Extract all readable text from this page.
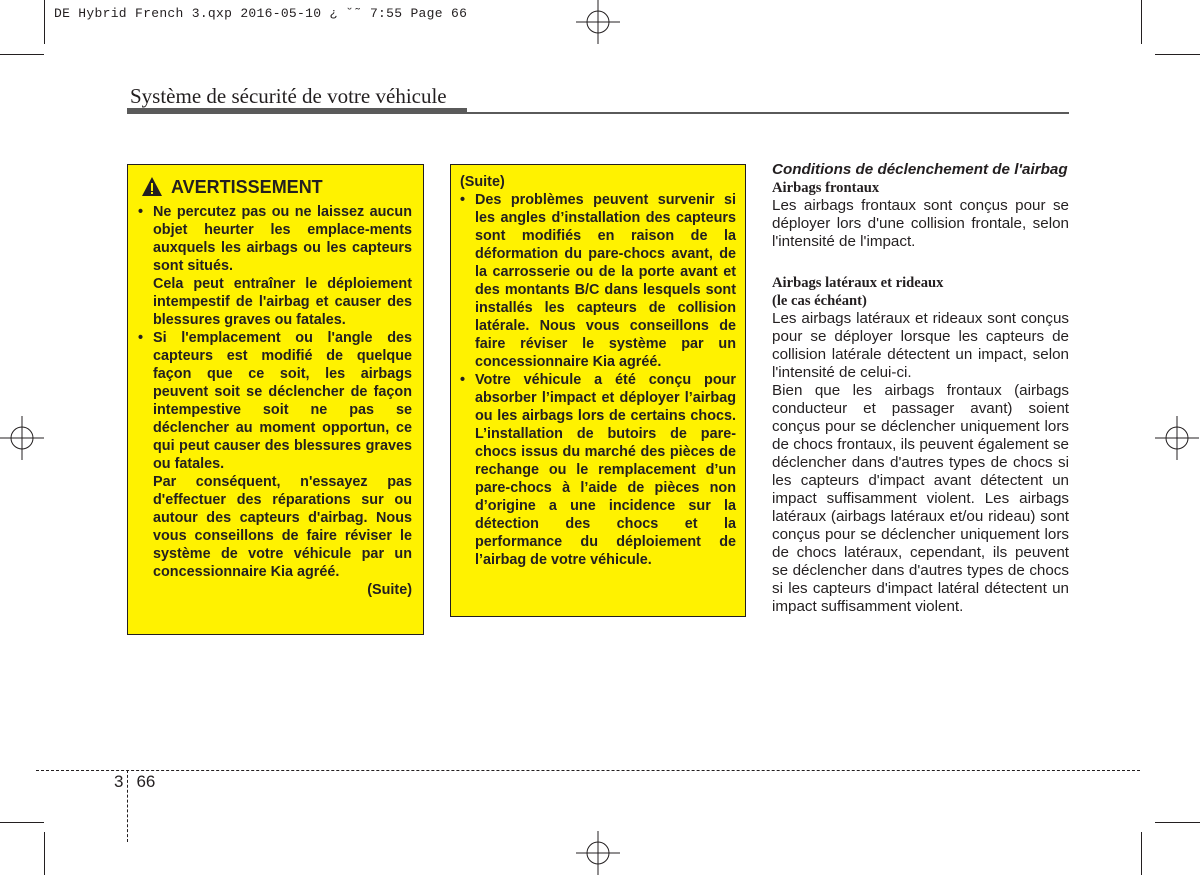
DE Hybrid French 3.qxp 2016-05-10 ¿ ˘˜ 7:55 Page 66
Système de sécurité de votre véhicule
AVERTISSEMENT
• Ne percutez pas ou ne laissez aucun objet heurter les emplace-ments auxquels les airbags ou les capteurs sont situés.
Cela peut entraîner le déploiement intempestif de l'airbag et causer des blessures graves ou fatales.
• Si l'emplacement ou l'angle des capteurs est modifié de quelque façon que ce soit, les airbags peuvent soit se déclencher de façon intempestive soit ne pas se déclencher au moment opportun, ce qui peut causer des blessures graves ou fatales.
Par conséquent, n'essayez pas d'effectuer des réparations sur ou autour des capteurs d'airbag. Nous vous conseillons de faire réviser le système de votre véhicule par un concessionnaire Kia agréé.
(Suite)
(Suite)
• Des problèmes peuvent survenir si les angles d’installation des capteurs sont modifiés en raison de la déformation du pare-chocs avant, de la carrosserie ou de la porte avant et des montants B/C dans lesquels sont installés les capteurs de collision latérale. Nous vous conseillons de faire réviser le système par un concessionnaire Kia agréé.
• Votre véhicule a été conçu pour absorber l’impact et déployer l’airbag ou les airbags lors de certains chocs. L’installation de butoirs de pare-chocs issus du marché des pièces de rechange ou le remplacement d’un pare-chocs à l’aide de pièces non d’origine a une incidence sur la détection des chocs et la performance du déploiement de l’airbag de votre véhicule.

Conditions de déclenchement de l'airbag

Airbags frontaux

Les airbags frontaux sont conçus pour se déployer lors d'une collision frontale, selon l'intensité de l'impact.

Airbags latéraux et rideaux

(le cas échéant)

Les airbags latéraux et rideaux sont conçus pour se déployer lorsque les capteurs de collision latérale détectent un impact, selon l'intensité de celui-ci.

Bien que les airbags frontaux (airbags conducteur et passager avant) soient conçus pour se déclencher uniquement lors de chocs frontaux, ils peuvent également se déclencher dans d'autres types de chocs si les capteurs d'impact avant détectent un impact suffisamment violent. Les airbags latéraux (airbags latéraux et/ou rideau) sont conçus pour se déclencher uniquement lors de chocs latéraux, cependant, ils peuvent se déclencher dans d'autres types de chocs si les capteurs d'impact latéral détectent un impact suffisamment violent.

3 66
